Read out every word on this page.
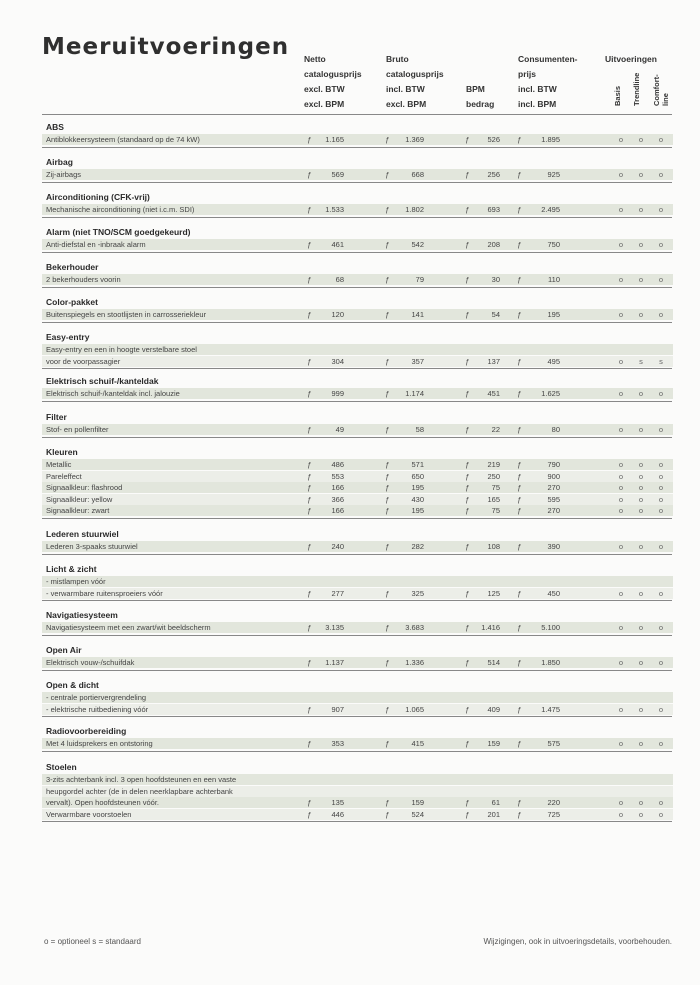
Meeruitvoeringen Netto
catalogusprijs
excl. BTW
excl. BPM
Bruto
catalogusprijs
incl. BTW
excl. BPM
BPM
bedrag
Consumenten-
prijs
incl. BTW
incl. BPM
Uitvoeringen
Basis Trendline Comfort- line
ABS
Antiblokkeersysteem (standaard op de 74 kW)	ƒ	1.165	ƒ	1.369	ƒ	526 ƒ	1.895	o	o	o
Airbag
Zij-airbags	ƒ	569	ƒ	668	ƒ	256 ƒ	925	o	o	o
Airconditioning (CFK-vrij)
Mechanische airconditioning (niet i.c.m. SDI)	ƒ	1.533	ƒ	1.802	ƒ	693 ƒ	2.495	o	o	o
Alarm (niet TNO/SCM goedgekeurd)
Anti-diefstal en -inbraak alarm	ƒ	461	ƒ	542	ƒ	208 ƒ	750	o	o	o
Bekerhouder
2 bekerhouders voorin	ƒ	68	ƒ	79	ƒ	30 ƒ	110	o	o	o
Color-pakket
Buitenspiegels en stootlijsten in carrosseriekleur	ƒ	120	ƒ	141	ƒ	54 ƒ	195	o	o	o
Easy-entry
Easy-entry en een in hoogte verstelbare stoel
voor de voorpassagier	ƒ	304	ƒ	357	ƒ	137 ƒ	495	o	s	s
Elektrisch schuif-/kanteldak
Elektrisch schuif-/kanteldak incl. jalouzie	ƒ	999	ƒ	1.174	ƒ	451 ƒ	1.625	o	o	o
Filter
Stof- en pollenfilter	ƒ	49	ƒ	58	ƒ	22 ƒ	80	o	o	o
Kleuren
Metallic	ƒ	486	ƒ	571	ƒ	219 ƒ	790	o	o	o
Pareleffect	ƒ	553	ƒ	650	ƒ	250 ƒ	900	o	o	o
Signaalkleur: flashrood	ƒ	166	ƒ	195	ƒ	75 ƒ	270	o	o	o
Signaalkleur: yellow	ƒ	366	ƒ	430	ƒ	165 ƒ	595	o	o	o
Signaalkleur: zwart	ƒ	166	ƒ	195	ƒ	75 ƒ	270	o	o	o
Lederen stuurwiel
Lederen 3-spaaks stuurwiel	ƒ	240	ƒ	282	ƒ	108 ƒ	390	o	o	o
Licht & zicht
- mistlampen vóór
- verwarmbare ruitensproeiers vóór	ƒ	277	ƒ	325	ƒ	125 ƒ	450	o	o	o
Navigatiesysteem
Navigatiesysteem met een zwart/wit beeldscherm	ƒ	3.135	ƒ	3.683	ƒ	1.416 ƒ	5.100	o	o	o
Open Air
Elektrisch vouw-/schuifdak	ƒ	1.137	ƒ	1.336	ƒ	514 ƒ	1.850	o	o	o
Open & dicht
- centrale portiervergrendeling
- elektrische ruitbediening vóór	ƒ	907	ƒ	1.065	ƒ	409 ƒ	1.475	o	o	o
Radiovoorbereiding
Met 4 luidsprekers en ontstoring	ƒ	353	ƒ	415	ƒ	159 ƒ	575	o	o	o
Stoelen
3-zits achterbank incl. 3 open hoofdsteunen en een vaste
heupgordel achter (de in delen neerklapbare achterbank
vervalt). Open hoofdsteunen vóór.	ƒ	135	ƒ	159	ƒ	61 ƒ	220	o	o	o
Verwarmbare voorstoelen	ƒ	446	ƒ	524	ƒ	201 ƒ	725	o	o	o
o = optioneel s = standaard	Wijzigingen, ook in uitvoeringsdetails, voorbehouden.
